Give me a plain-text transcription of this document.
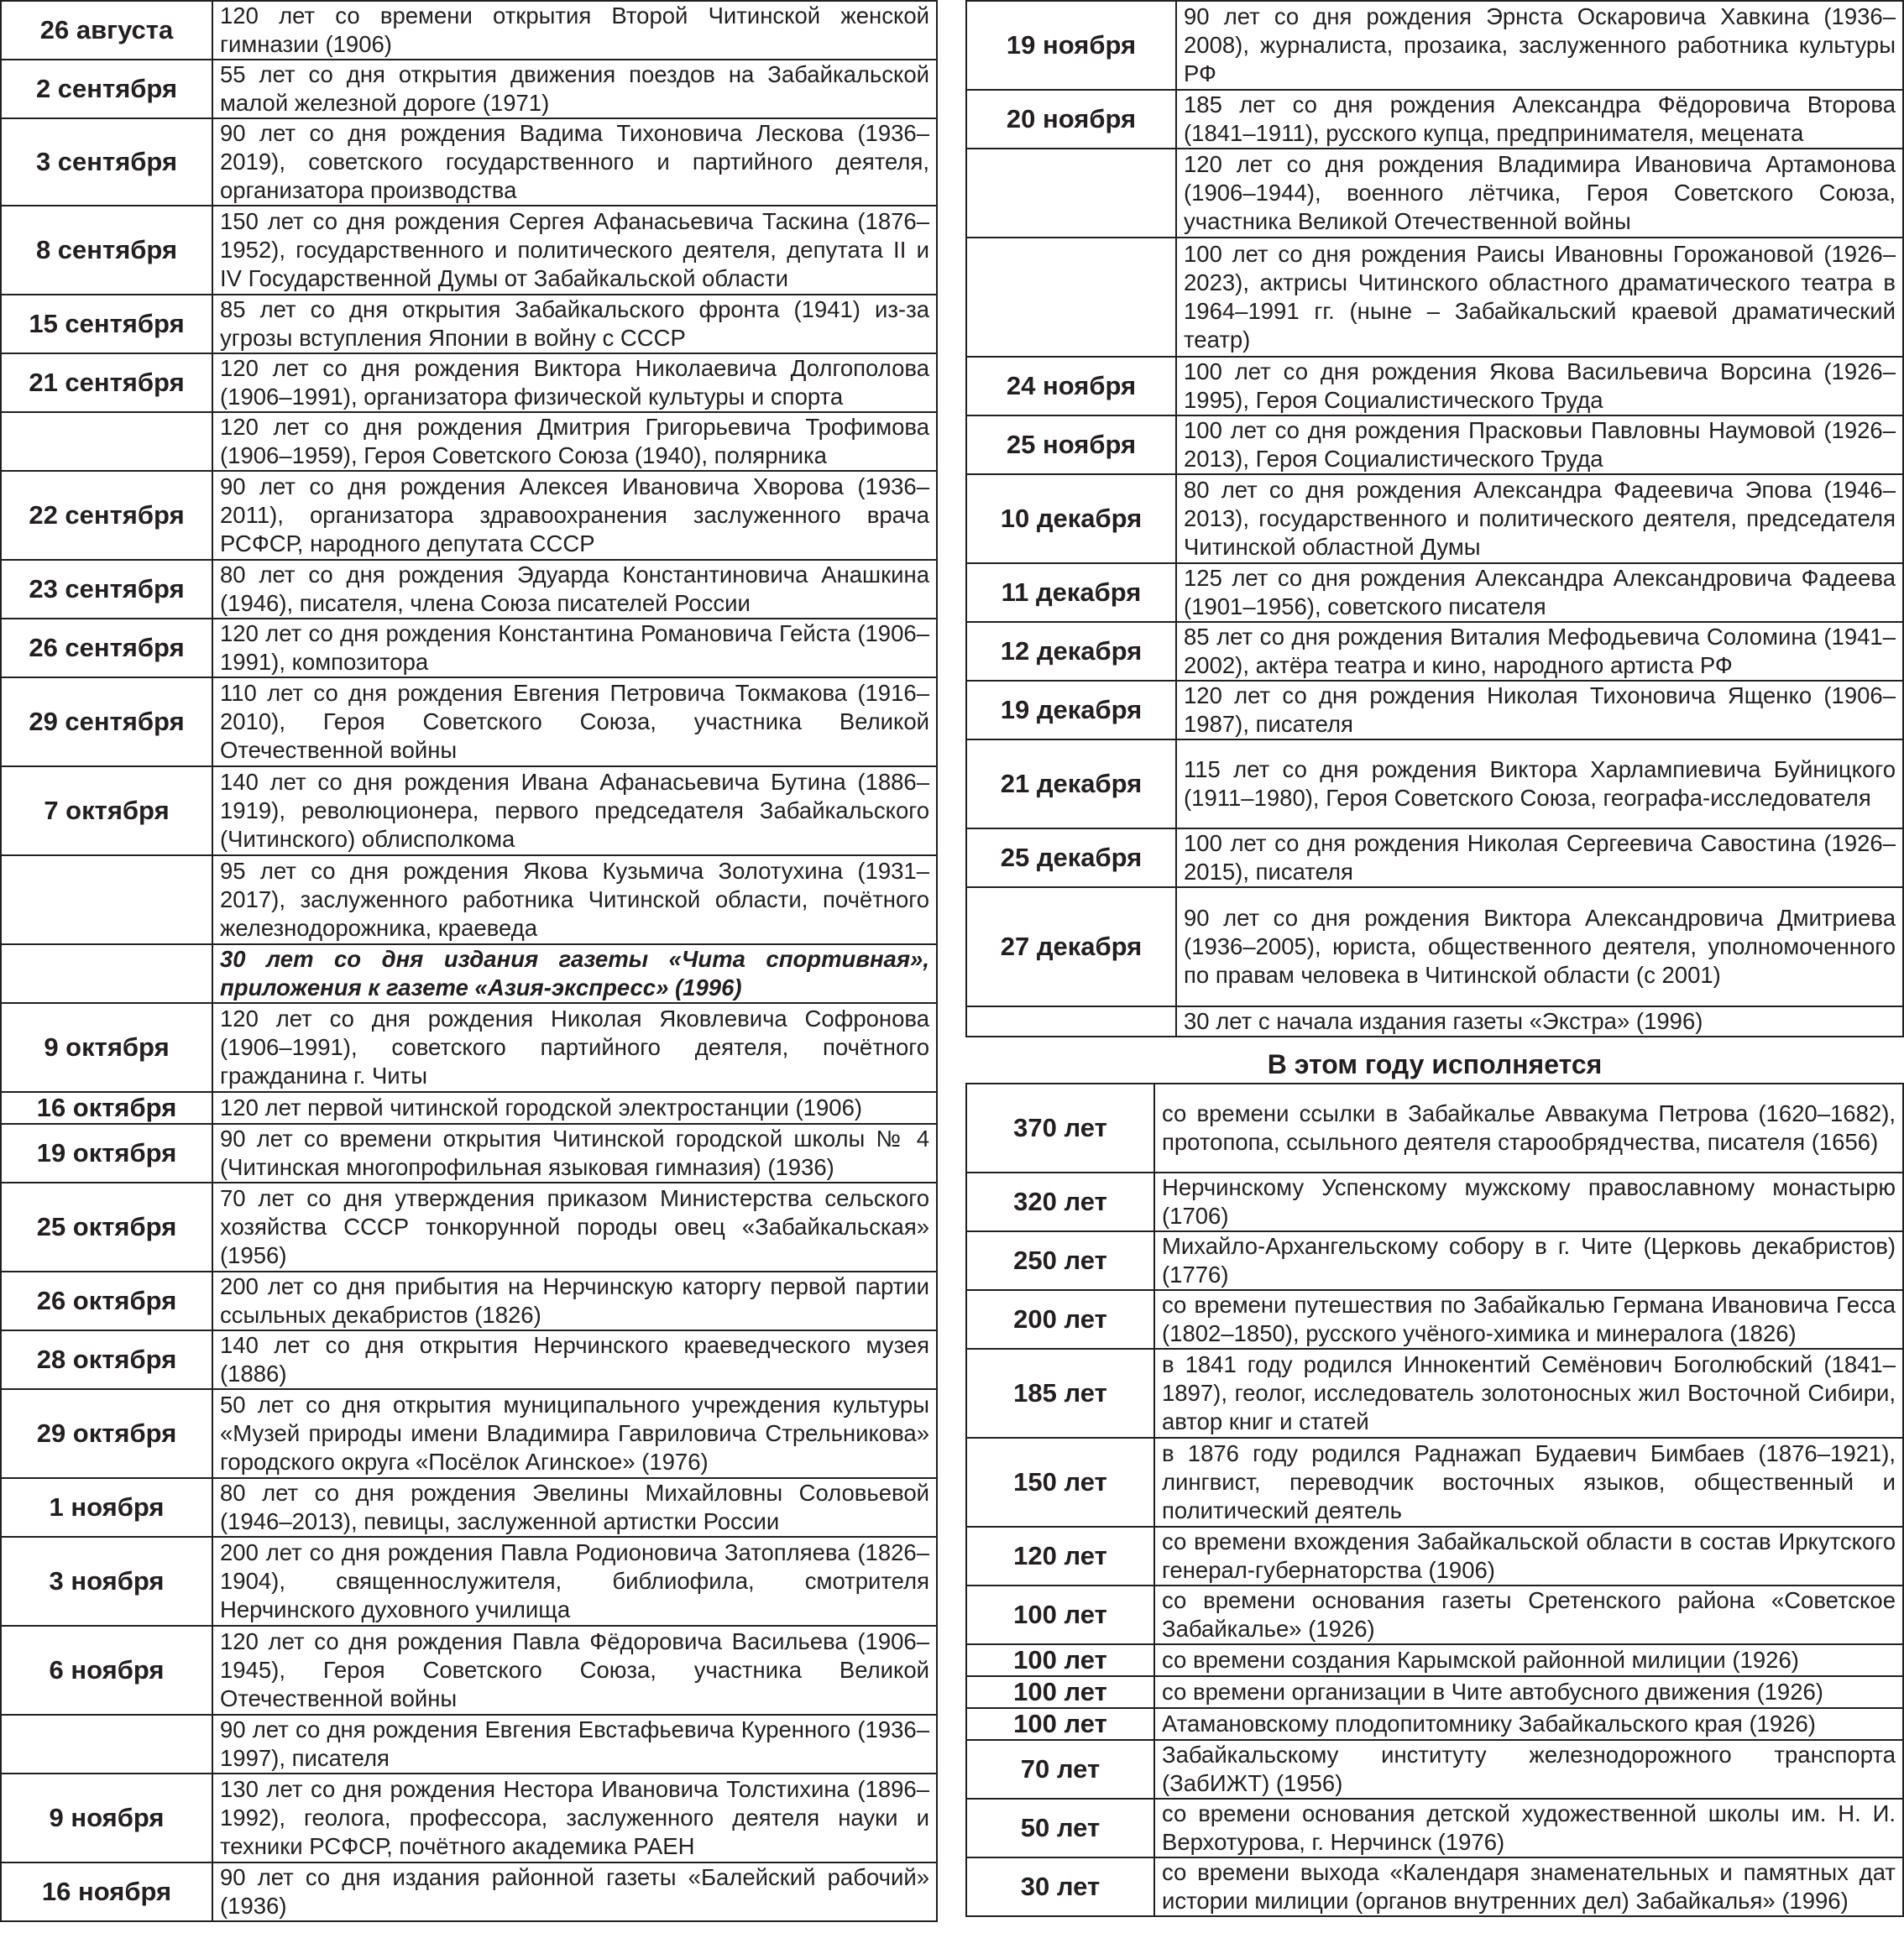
26 августа	120 лет со времени открытия Второй Читинской женской гимназии (1906)
2 сентября	55 лет со дня открытия движения поездов на Забайкальской малой железной дороге (1971)
3 сентября	90 лет со дня рождения Вадима Тихоновича Лескова (1936–2019), советского государственного и партийного деятеля, организатора производства
8 сентября	150 лет со дня рождения Сергея Афанасьевича Таскина (1876–1952), государственного и политического деятеля, депутата II и IV Государственной Думы от Забайкальской области
15 сентября	85 лет со дня открытия Забайкальского фронта (1941) из-за угрозы вступления Японии в войну с СССР
21 сентября	120 лет со дня рождения Виктора Николаевича Долгополова (1906–1991), организатора физической культуры и спорта
	120 лет со дня рождения Дмитрия Григорьевича Трофимова (1906–1959), Героя Советского Союза (1940), полярника
22 сентября	90 лет со дня рождения Алексея Ивановича Хворова (1936–2011), организатора здравоохранения заслуженного врача РСФСР, народного депутата СССР
23 сентября	80 лет со дня рождения Эдуарда Константиновича Анашкина (1946), писателя, члена Союза писателей России
26 сентября	120 лет со дня рождения Константина Романовича Гейста (1906–1991), композитора
29 сентября	110 лет со дня рождения Евгения Петровича Токмакова (1916–2010), Героя Советского Союза, участника Великой Отечественной войны
7 октября	140 лет со дня рождения Ивана Афанасьевича Бутина (1886–1919), революционера, первого председателя Забайкальского (Читинского) облисполкома
	95 лет со дня рождения Якова Кузьмича Золотухина (1931–2017), заслуженного работника Читинской области, почётного железнодорожника, краеведа
	30 лет со дня издания газеты «Чита спортивная», приложения к газете «Азия-экспресс» (1996)
9 октября	120 лет со дня рождения Николая Яковлевича Софронова (1906–1991), советского партийного деятеля, почётного гражданина г. Читы
16 октября	120 лет первой читинской городской электростанции (1906)
19 октября	90 лет со времени открытия Читинской городской школы № 4 (Читинская многопрофильная языковая гимназия) (1936)
25 октября	70 лет со дня утверждения приказом Министерства сельского хозяйства СССР тонкорунной породы овец «Забайкальская» (1956)
26 октября	200 лет со дня прибытия на Нерчинскую каторгу первой партии ссыльных декабристов (1826)
28 октября	140 лет со дня открытия Нерчинского краеведческого музея (1886)
29 октября	50 лет со дня открытия муниципального учреждения культуры «Музей природы имени Владимира Гавриловича Стрельникова» городского округа «Посёлок Агинское» (1976)
1 ноября	80 лет со дня рождения Эвелины Михайловны Соловьевой (1946–2013), певицы, заслуженной артистки России
3 ноября	200 лет со дня рождения Павла Родионовича Затопляева (1826–1904), священнослужителя, библиофила, смотрителя Нерчинского духовного училища
6 ноября	120 лет со дня рождения Павла Фёдоровича Васильева (1906–1945), Героя Советского Союза, участника Великой Отечественной войны
	90 лет со дня рождения Евгения Евстафьевича Куренного (1936–1997), писателя
9 ноября	130 лет со дня рождения Нестора Ивановича Толстихина (1896–1992), геолога, профессора, заслуженного деятеля науки и техники РСФСР, почётного академика РАЕН
16 ноября	90 лет со дня издания районной газеты «Балейский рабочий» (1936)
19 ноября	90 лет со дня рождения Эрнста Оскаровича Хавкина (1936–2008), журналиста, прозаика, заслуженного работника культуры РФ
20 ноября	185 лет со дня рождения Александра Фёдоровича Второва (1841–1911), русского купца, предпринимателя, мецената
	120 лет со дня рождения Владимира Ивановича Артамонова (1906–1944), военного лётчика, Героя Советского Союза, участника Великой Отечественной войны
	100 лет со дня рождения Раисы Ивановны Горожановой (1926–2023), актрисы Читинского областного драматического театра в 1964–1991 гг. (ныне – Забайкальский краевой драматический театр)
24 ноября	100 лет со дня рождения Якова Васильевича Ворсина (1926–1995), Героя Социалистического Труда
25 ноября	100 лет со дня рождения Прасковьи Павловны Наумовой (1926–2013), Героя Социалистического Труда
10 декабря	80 лет со дня рождения Александра Фадеевича Эпова (1946–2013), государственного и политического деятеля, председателя Читинской областной Думы
11 декабря	125 лет со дня рождения Александра Александровича Фадеева (1901–1956), советского писателя
12 декабря	85 лет со дня рождения Виталия Мефодьевича Соломина (1941–2002), актёра театра и кино, народного артиста РФ
19 декабря	120 лет со дня рождения Николая Тихоновича Ященко (1906–1987), писателя
21 декабря	115 лет со дня рождения Виктора Харлампиевича Буйницкого (1911–1980), Героя Советского Союза, географа-исследователя
25 декабря	100 лет со дня рождения Николая Сергеевича Савостина (1926–2015), писателя
27 декабря	90 лет со дня рождения Виктора Александровича Дмитриева (1936–2005), юриста, общественного деятеля, уполномоченного по правам человека в Читинской области (с 2001)
	30 лет с начала издания газеты «Экстра» (1996)
В этом году исполняется
370 лет	со времени ссылки в Забайкалье Аввакума Петрова (1620–1682), протопопа, ссыльного деятеля старообрядчества, писателя (1656)
320 лет	Нерчинскому Успенскому мужскому православному монастырю (1706)
250 лет	Михайло-Архангельскому собору в г. Чите (Церковь декабристов) (1776)
200 лет	со времени путешествия по Забайкалью Германа Ивановича Гесса (1802–1850), русского учёного-химика и минералога (1826)
185 лет	в 1841 году родился Иннокентий Семёнович Боголюбский (1841–1897), геолог, исследователь золотоносных жил Восточной Сибири, автор книг и статей
150 лет	в 1876 году родился Раднажап Будаевич Бимбаев (1876–1921), лингвист, переводчик восточных языков, общественный и политический деятель
120 лет	со времени вхождения Забайкальской области в состав Иркутского генерал-губернаторства (1906)
100 лет	со времени основания газеты Сретенского района «Советское Забайкалье» (1926)
100 лет	со времени создания Карымской районной милиции (1926)
100 лет	со времени организации в Чите автобусного движения (1926)
100 лет	Атамановскому плодопитомнику Забайкальского края (1926)
70 лет	Забайкальскому институту железнодорожного транспорта (ЗабИЖТ) (1956)
50 лет	со времени основания детской художественной школы им. Н. И. Верхотурова, г. Нерчинск (1976)
30 лет	со времени выхода «Календаря знаменательных и памятных дат истории милиции (органов внутренних дел) Забайкалья» (1996)
